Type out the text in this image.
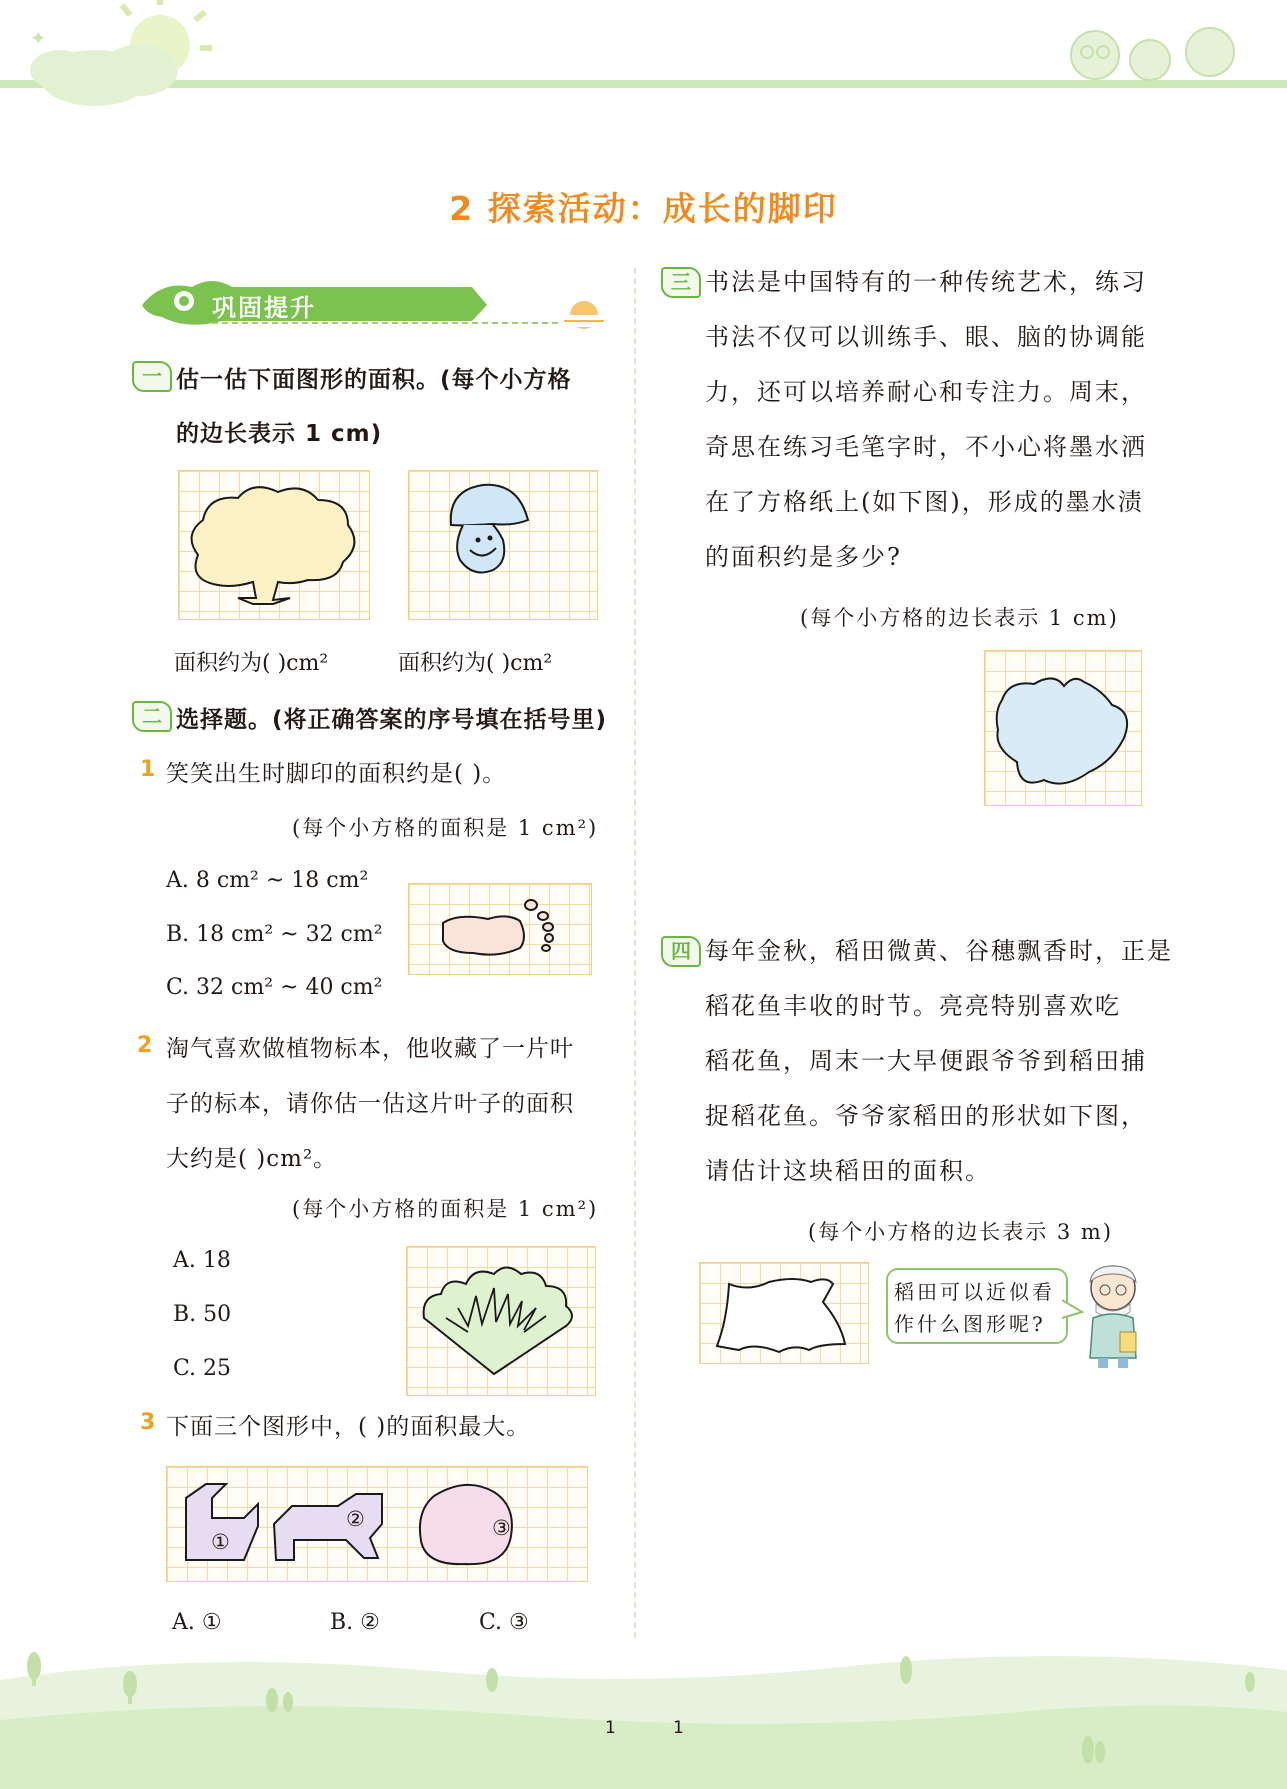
✦
2 探索活动：成长的脚印
巩固提升
一 估一估下面图形的面积。(每个小方格
的边长表示 1 cm)
面积约为( )cm²	面积约为( )cm²
二 选择题。(将正确答案的序号填在括号里)
1 笑笑出生时脚印的面积约是( )。
(每个小方格的面积是 1 cm²)
A. 8 cm² ~ 18 cm²
B. 18 cm² ~ 32 cm²
C. 32 cm² ~ 40 cm²
2 淘气喜欢做植物标本，他收藏了一片叶
子的标本，请你估一估这片叶子的面积
大约是( )cm²。
(每个小方格的面积是 1 cm²)
A. 18
B. 50
C. 25
3 下面三个图形中，( )的面积最大。
①
②	③
A. ①	B. ②	C. ③
三 书法是中国特有的一种传统艺术，练习
书法不仅可以训练手、眼、脑的协调能
力，还可以培养耐心和专注力。周末，
奇思在练习毛笔字时，不小心将墨水洒
在了方格纸上(如下图)，形成的墨水渍
的面积约是多少?
(每个小方格的边长表示 1 cm)
四 每年金秋，稻田微黄、谷穗飘香时，正是
稻花鱼丰收的时节。亮亮特别喜欢吃
稻花鱼，周末一大早便跟爷爷到稻田捕
捉稻花鱼。爷爷家稻田的形状如下图，
请估计这块稻田的面积。
(每个小方格的边长表示 3 m)
稻田可以近似看
作什么图形呢?
1	1
